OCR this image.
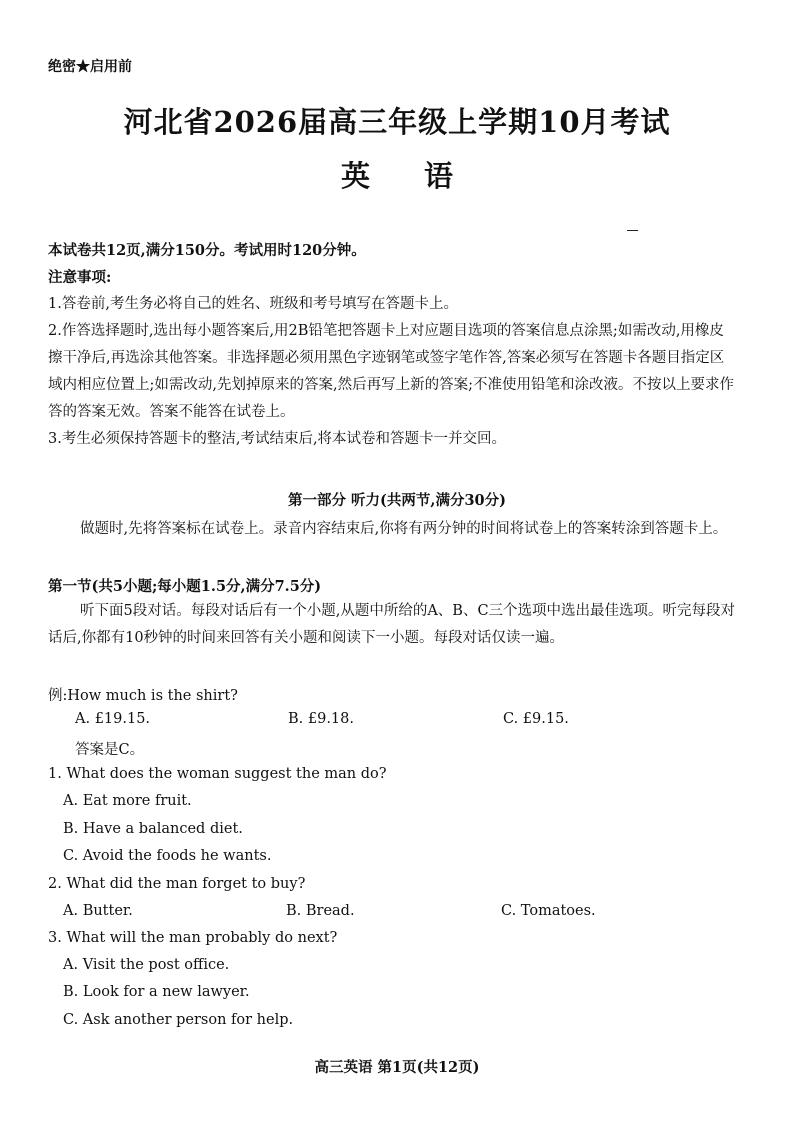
绝密★启用前
河北省2026届高三年级上学期10月考试
英 语
本试卷共12页,满分150分。考试用时120分钟。
注意事项:
1.答卷前,考生务必将自己的姓名、班级和考号填写在答题卡上。
2.作答选择题时,选出每小题答案后,用2B铅笔把答题卡上对应题目选项的答案信息点涂黑;如需改动,用橡皮擦干净后,再选涂其他答案。非选择题必须用黑色字迹钢笔或签字笔作答,答案必须写在答题卡各题目指定区域内相应位置上;如需改动,先划掉原来的答案,然后再写上新的答案;不准使用铅笔和涂改液。不按以上要求作答的答案无效。答案不能答在试卷上。
3.考生必须保持答题卡的整洁,考试结束后,将本试卷和答题卡一并交回。
第一部分 听力(共两节,满分30分)
做题时,先将答案标在试卷上。录音内容结束后,你将有两分钟的时间将试卷上的答案转涂到答题卡上。
第一节(共5小题;每小题1.5分,满分7.5分)
听下面5段对话。每段对话后有一个小题,从题中所给的A、B、C三个选项中选出最佳选项。听完每段对话后,你都有10秒钟的时间来回答有关小题和阅读下一小题。每段对话仅读一遍。
例:How much is the shirt?
A. £19.15.	B. £9.18.	C. £9.15.
答案是C。
1. What does the woman suggest the man do?
A. Eat more fruit.
B. Have a balanced diet.
C. Avoid the foods he wants.
2. What did the man forget to buy?
A. Butter.	B. Bread.	C. Tomatoes.
3. What will the man probably do next?
A. Visit the post office.
B. Look for a new lawyer.
C. Ask another person for help.
高三英语 第1页(共12页)
